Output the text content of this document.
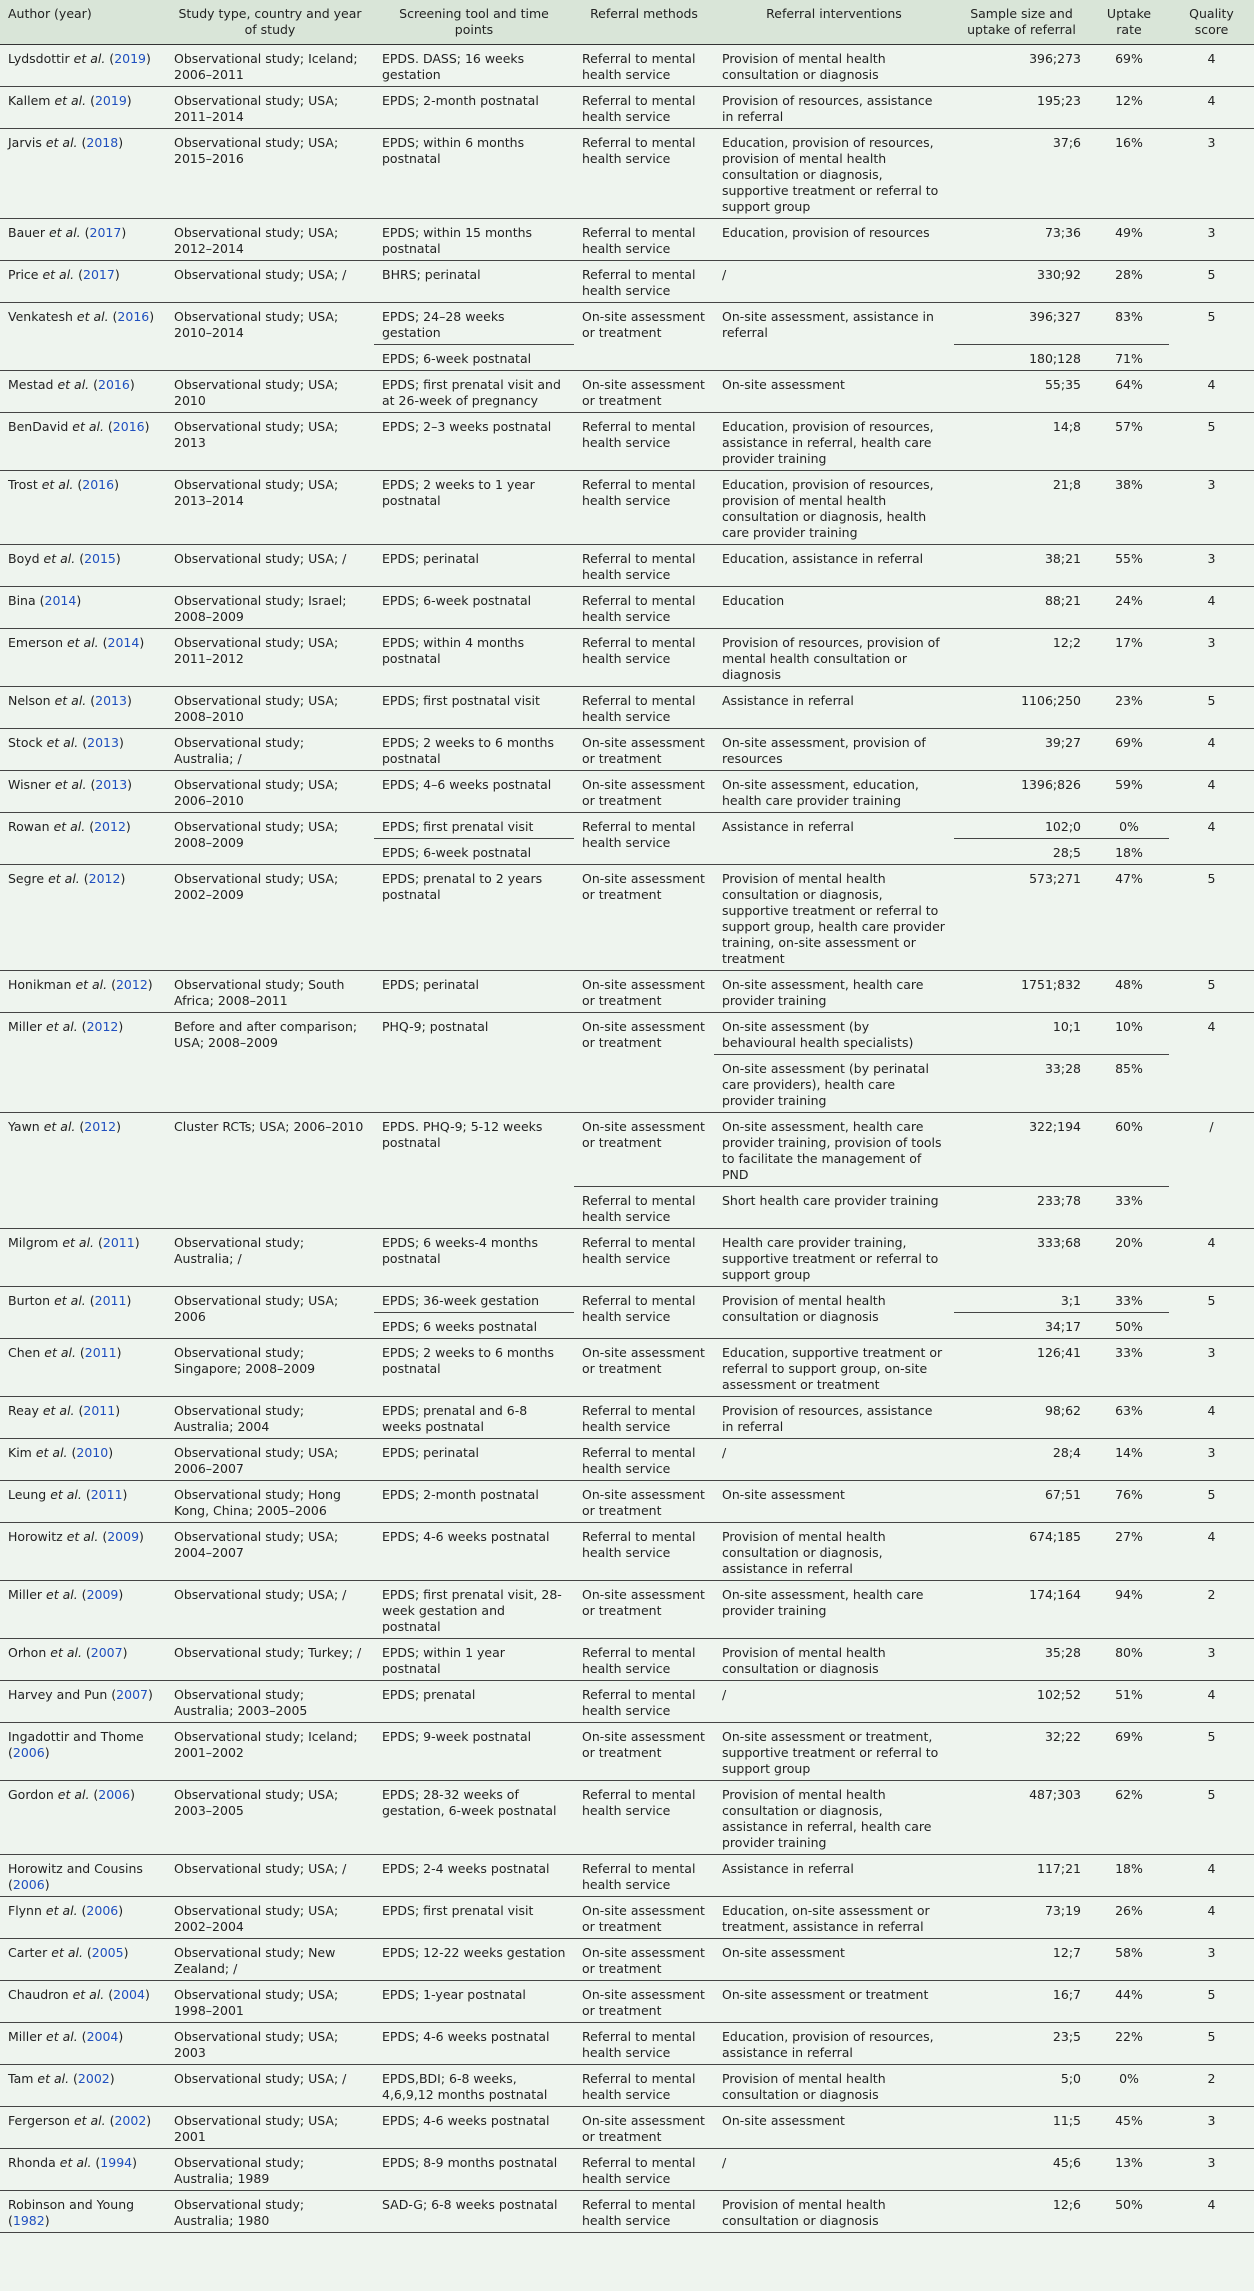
Author (year)	Study type, country and year of study	Screening tool and time points	Referral methods	Referral interventions	Sample size and uptake of referral	Uptake rate	Quality score
Lydsdottir et al. (2019)	Observational study; Iceland; 2006–2011	EPDS. DASS; 16 weeks gestation	Referral to mental health service	Provision of mental health consultation or diagnosis	396;273	69%	4
Kallem et al. (2019)	Observational study; USA; 2011–2014	EPDS; 2-month postnatal	Referral to mental health service	Provision of resources, assistance in referral	195;23	12%	4
Jarvis et al. (2018)	Observational study; USA; 2015–2016	EPDS; within 6 months postnatal	Referral to mental health service	Education, provision of resources, provision of mental health consultation or diagnosis, supportive treatment or referral to support group	37;6	16%	3
Bauer et al. (2017)	Observational study; USA; 2012–2014	EPDS; within 15 months postnatal	Referral to mental health service	Education, provision of resources	73;36	49%	3
Price et al. (2017)	Observational study; USA; /	BHRS; perinatal	Referral to mental health service	/	330;92	28%	5
Venkatesh et al. (2016)	Observational study; USA; 2010–2014	EPDS; 24–28 weeks gestation	On-site assessment or treatment	On-site assessment, assistance in referral	396;327	83%	5
		EPDS; 6-week postnatal			180;128	71%	
Mestad et al. (2016)	Observational study; USA; 2010	EPDS; first prenatal visit and at 26-week of pregnancy	On-site assessment or treatment	On-site assessment	55;35	64%	4
BenDavid et al. (2016)	Observational study; USA; 2013	EPDS; 2–3 weeks postnatal	Referral to mental health service	Education, provision of resources, assistance in referral, health care provider training	14;8	57%	5
Trost et al. (2016)	Observational study; USA; 2013–2014	EPDS; 2 weeks to 1 year postnatal	Referral to mental health service	Education, provision of resources, provision of mental health consultation or diagnosis, health care provider training	21;8	38%	3
Boyd et al. (2015)	Observational study; USA; /	EPDS; perinatal	Referral to mental health service	Education, assistance in referral	38;21	55%	3
Bina (2014)	Observational study; Israel; 2008–2009	EPDS; 6-week postnatal	Referral to mental health service	Education	88;21	24%	4
Emerson et al. (2014)	Observational study; USA; 2011–2012	EPDS; within 4 months postnatal	Referral to mental health service	Provision of resources, provision of mental health consultation or diagnosis	12;2	17%	3
Nelson et al. (2013)	Observational study; USA; 2008–2010	EPDS; first postnatal visit	Referral to mental health service	Assistance in referral	1106;250	23%	5
Stock et al. (2013)	Observational study; Australia; /	EPDS; 2 weeks to 6 months postnatal	On-site assessment or treatment	On-site assessment, provision of resources	39;27	69%	4
Wisner et al. (2013)	Observational study; USA; 2006–2010	EPDS; 4–6 weeks postnatal	On-site assessment or treatment	On-site assessment, education, health care provider training	1396;826	59%	4
Rowan et al. (2012)	Observational study; USA; 2008–2009	EPDS; first prenatal visit	Referral to mental health service	Assistance in referral	102;0	0%	4
		EPDS; 6-week postnatal			28;5	18%	
Segre et al. (2012)	Observational study; USA; 2002–2009	EPDS; prenatal to 2 years postnatal	On-site assessment or treatment	Provision of mental health consultation or diagnosis, supportive treatment or referral to support group, health care provider training, on-site assessment or treatment	573;271	47%	5
Honikman et al. (2012)	Observational study; South Africa; 2008–2011	EPDS; perinatal	On-site assessment or treatment	On-site assessment, health care provider training	1751;832	48%	5
Miller et al. (2012)	Before and after comparison; USA; 2008–2009	PHQ-9; postnatal	On-site assessment or treatment	On-site assessment (by behavioural health specialists)	10;1	10%	4
				On-site assessment (by perinatal care providers), health care provider training	33;28	85%	
Yawn et al. (2012)	Cluster RCTs; USA; 2006–2010	EPDS. PHQ-9; 5-12 weeks postnatal	On-site assessment or treatment	On-site assessment, health care provider training, provision of tools to facilitate the management of PND	322;194	60%	/
			Referral to mental health service	Short health care provider training	233;78	33%	
Milgrom et al. (2011)	Observational study; Australia; /	EPDS; 6 weeks-4 months postnatal	Referral to mental health service	Health care provider training, supportive treatment or referral to support group	333;68	20%	4
Burton et al. (2011)	Observational study; USA; 2006	EPDS; 36-week gestation	Referral to mental health service	Provision of mental health consultation or diagnosis	3;1	33%	5
		EPDS; 6 weeks postnatal			34;17	50%	
Chen et al. (2011)	Observational study; Singapore; 2008–2009	EPDS; 2 weeks to 6 months postnatal	On-site assessment or treatment	Education, supportive treatment or referral to support group, on-site assessment or treatment	126;41	33%	3
Reay et al. (2011)	Observational study; Australia; 2004	EPDS; prenatal and 6-8 weeks postnatal	Referral to mental health service	Provision of resources, assistance in referral	98;62	63%	4
Kim et al. (2010)	Observational study; USA; 2006–2007	EPDS; perinatal	Referral to mental health service	/	28;4	14%	3
Leung et al. (2011)	Observational study; Hong Kong, China; 2005–2006	EPDS; 2-month postnatal	On-site assessment or treatment	On-site assessment	67;51	76%	5
Horowitz et al. (2009)	Observational study; USA; 2004–2007	EPDS; 4-6 weeks postnatal	Referral to mental health service	Provision of mental health consultation or diagnosis, assistance in referral	674;185	27%	4
Miller et al. (2009)	Observational study; USA; /	EPDS; first prenatal visit, 28-week gestation and postnatal	On-site assessment or treatment	On-site assessment, health care provider training	174;164	94%	2
Orhon et al. (2007)	Observational study; Turkey; /	EPDS; within 1 year postnatal	Referral to mental health service	Provision of mental health consultation or diagnosis	35;28	80%	3
Harvey and Pun (2007)	Observational study; Australia; 2003–2005	EPDS; prenatal	Referral to mental health service	/	102;52	51%	4
Ingadottir and Thome (2006)	Observational study; Iceland; 2001–2002	EPDS; 9-week postnatal	On-site assessment or treatment	On-site assessment or treatment, supportive treatment or referral to support group	32;22	69%	5
Gordon et al. (2006)	Observational study; USA; 2003–2005	EPDS; 28-32 weeks of gestation, 6-week postnatal	Referral to mental health service	Provision of mental health consultation or diagnosis, assistance in referral, health care provider training	487;303	62%	5
Horowitz and Cousins (2006)	Observational study; USA; /	EPDS; 2-4 weeks postnatal	Referral to mental health service	Assistance in referral	117;21	18%	4
Flynn et al. (2006)	Observational study; USA; 2002–2004	EPDS; first prenatal visit	On-site assessment or treatment	Education, on-site assessment or treatment, assistance in referral	73;19	26%	4
Carter et al. (2005)	Observational study; New Zealand; /	EPDS; 12-22 weeks gestation	On-site assessment or treatment	On-site assessment	12;7	58%	3
Chaudron et al. (2004)	Observational study; USA; 1998–2001	EPDS; 1-year postnatal	On-site assessment or treatment	On-site assessment or treatment	16;7	44%	5
Miller et al. (2004)	Observational study; USA; 2003	EPDS; 4-6 weeks postnatal	Referral to mental health service	Education, provision of resources, assistance in referral	23;5	22%	5
Tam et al. (2002)	Observational study; USA; /	EPDS,BDI; 6-8 weeks, 4,6,9,12 months postnatal	Referral to mental health service	Provision of mental health consultation or diagnosis	5;0	0%	2
Fergerson et al. (2002)	Observational study; USA; 2001	EPDS; 4-6 weeks postnatal	On-site assessment or treatment	On-site assessment	11;5	45%	3
Rhonda et al. (1994)	Observational study; Australia; 1989	EPDS; 8-9 months postnatal	Referral to mental health service	/	45;6	13%	3
Robinson and Young (1982)	Observational study; Australia; 1980	SAD-G; 6-8 weeks postnatal	Referral to mental health service	Provision of mental health consultation or diagnosis	12;6	50%	4
